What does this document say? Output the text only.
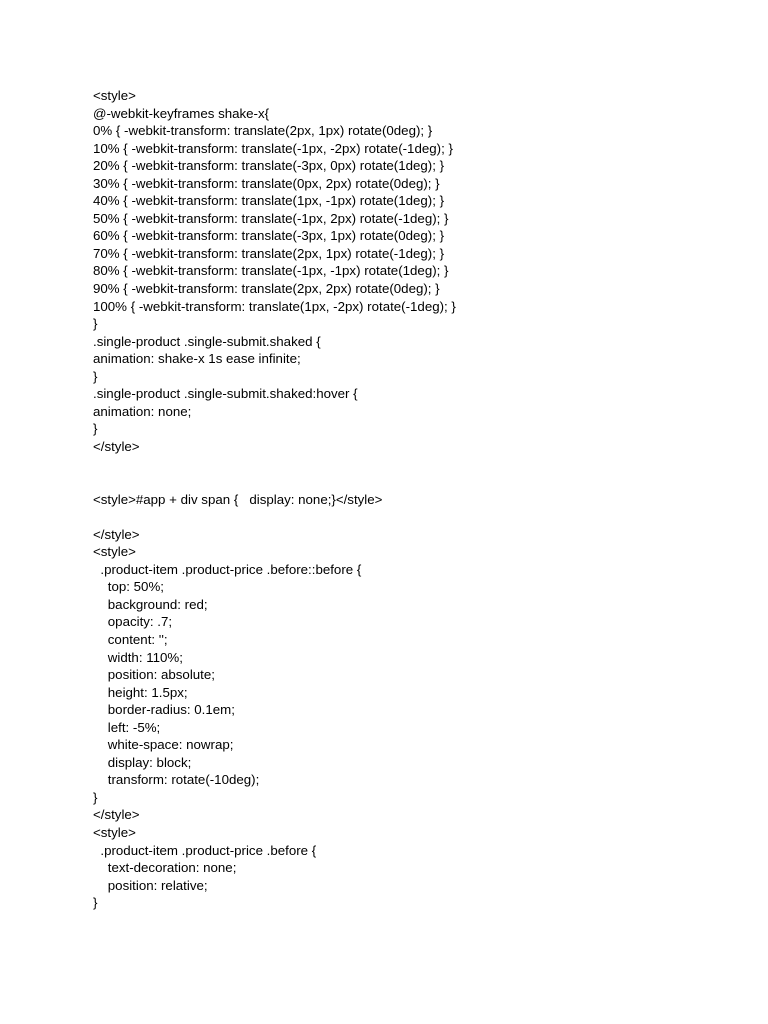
<style>
@-webkit-keyframes shake-x{
0% { -webkit-transform: translate(2px, 1px) rotate(0deg); }
10% { -webkit-transform: translate(-1px, -2px) rotate(-1deg); }
20% { -webkit-transform: translate(-3px, 0px) rotate(1deg); }
30% { -webkit-transform: translate(0px, 2px) rotate(0deg); }
40% { -webkit-transform: translate(1px, -1px) rotate(1deg); }
50% { -webkit-transform: translate(-1px, 2px) rotate(-1deg); }
60% { -webkit-transform: translate(-3px, 1px) rotate(0deg); }
70% { -webkit-transform: translate(2px, 1px) rotate(-1deg); }
80% { -webkit-transform: translate(-1px, -1px) rotate(1deg); }
90% { -webkit-transform: translate(2px, 2px) rotate(0deg); }
100% { -webkit-transform: translate(1px, -2px) rotate(-1deg); }
}
.single-product .single-submit.shaked {
animation: shake-x 1s ease infinite;
}
.single-product .single-submit.shaked:hover {
animation: none;
}
</style>
<style>#app + div span {   display: none;}</style>
</style>
<style>
.product-item .product-price .before::before {
top: 50%;
background: red;
opacity: .7;
content: '';
width: 110%;
position: absolute;
height: 1.5px;
border-radius: 0.1em;
left: -5%;
white-space: nowrap;
display: block;
transform: rotate(-10deg);
}
</style>
<style>
.product-item .product-price .before {
text-decoration: none;
position: relative;
}
